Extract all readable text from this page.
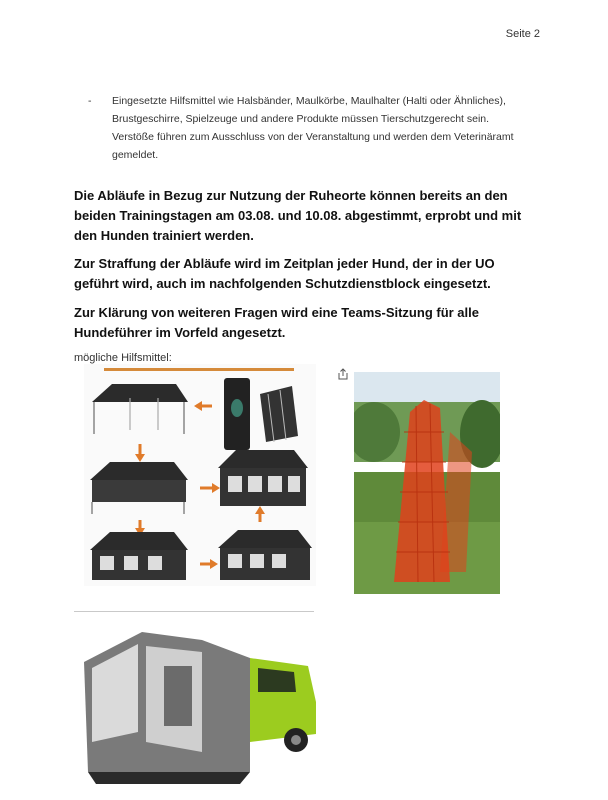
Seite 2
- Eingesetzte Hilfsmittel wie Halsbänder, Maulkörbe, Maulhalter (Halti oder Ähnliches), Brustgeschirre, Spielzeuge und andere Produkte müssen Tierschutzgerecht sein. Verstöße führen zum Ausschluss von der Veranstaltung und werden dem Veterinäramt gemeldet.
Die Abläufe in Bezug zur Nutzung der Ruheorte können bereits an den beiden Trainingstagen am 03.08. und 10.08. abgestimmt, erprobt und mit den Hunden trainiert werden.
Zur Straffung der Abläufe wird im Zeitplan jeder Hund, der in der UO geführt wird, auch im nachfolgenden Schutzdienstblock eingesetzt.
Zur Klärung von weiteren Fragen wird eine Teams-Sitzung für alle Hundeführer im Vorfeld angesetzt.
mögliche Hilfsmittel:
